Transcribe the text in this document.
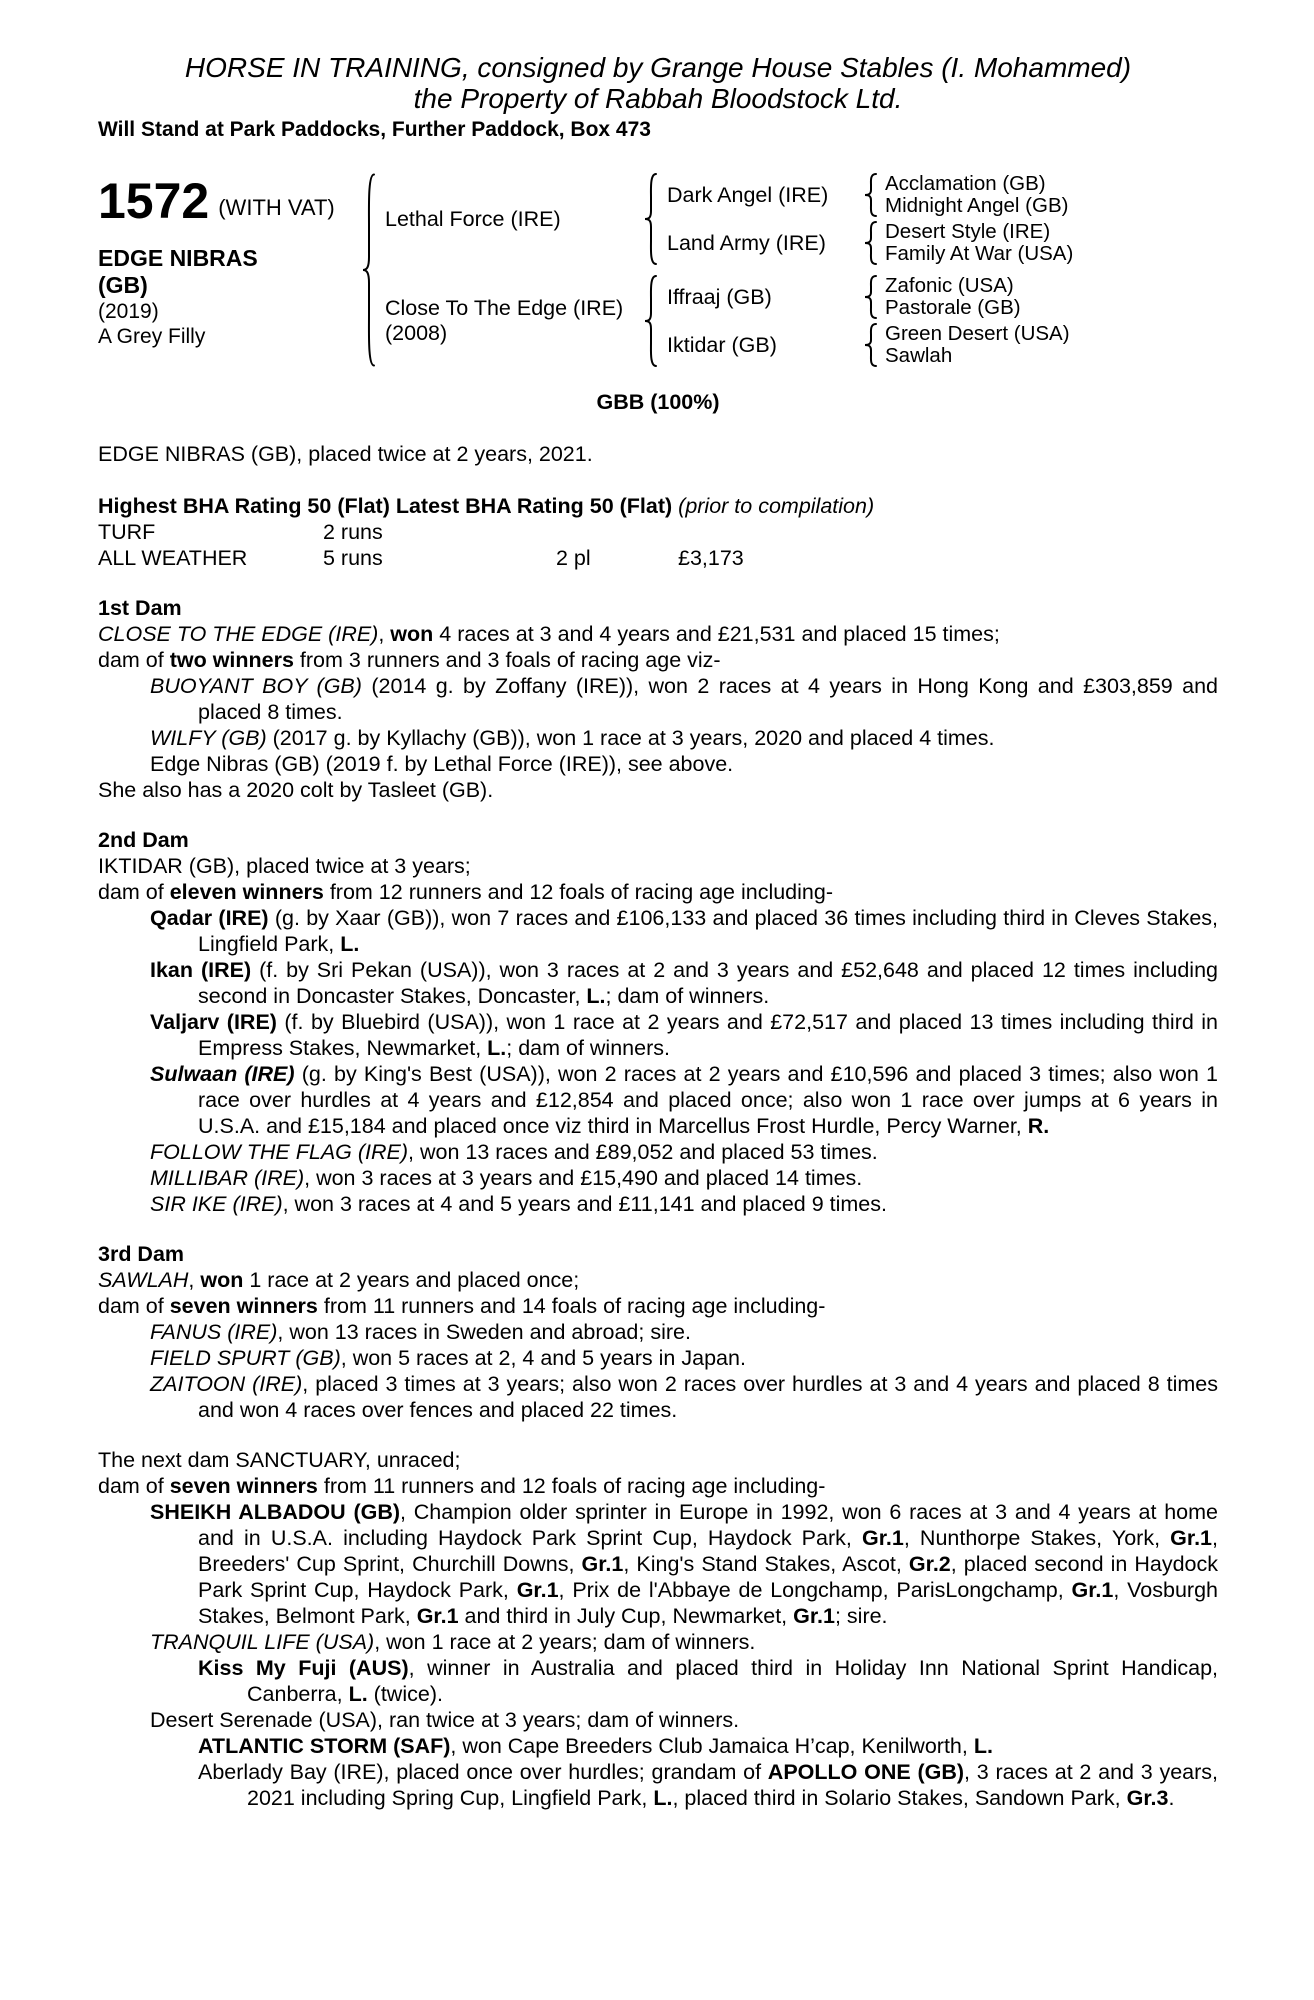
HORSE IN TRAINING, consigned by Grange House Stables (I. Mohammed)
the Property of Rabbah Bloodstock Ltd.
Will Stand at Park Paddocks, Further Paddock, Box 473
1572 (WITH VAT)
EDGE NIBRAS
(GB)
(2019)
A Grey Filly
Lethal Force (IRE)
Dark Angel (IRE)	Acclamation (GB)
Midnight Angel (GB)
Land Army (IRE)	Desert Style (IRE)
Family At War (USA)
Close To The Edge (IRE)
(2008)
Iffraaj (GB)	Zafonic (USA)
Pastorale (GB)
Iktidar (GB)	Green Desert (USA)
Sawlah
GBB (100%)
EDGE NIBRAS (GB), placed twice at 2 years, 2021.
Highest BHA Rating 50 (Flat) Latest BHA Rating 50 (Flat) (prior to compilation)
TURF	2 runs
ALL WEATHER	5 runs	2 pl	£3,173

1st Dam

CLOSE TO THE EDGE (IRE), won 4 races at 3 and 4 years and £21,531 and placed 15 times;

dam of two winners from 3 runners and 3 foals of racing age viz-

BUOYANT BOY (GB) (2014 g. by Zoffany (IRE)), won 2 races at 4 years in Hong Kong and £303,859 and placed 8 times.

WILFY (GB) (2017 g. by Kyllachy (GB)), won 1 race at 3 years, 2020 and placed 4 times.

Edge Nibras (GB) (2019 f. by Lethal Force (IRE)), see above.

She also has a 2020 colt by Tasleet (GB).

2nd Dam

IKTIDAR (GB), placed twice at 3 years;

dam of eleven winners from 12 runners and 12 foals of racing age including-

Qadar (IRE) (g. by Xaar (GB)), won 7 races and £106,133 and placed 36 times including third in Cleves Stakes, Lingfield Park, L.

Ikan (IRE) (f. by Sri Pekan (USA)), won 3 races at 2 and 3 years and £52,648 and placed 12 times including second in Doncaster Stakes, Doncaster, L.; dam of winners.

Valjarv (IRE) (f. by Bluebird (USA)), won 1 race at 2 years and £72,517 and placed 13 times including third in Empress Stakes, Newmarket, L.; dam of winners.

Sulwaan (IRE) (g. by King's Best (USA)), won 2 races at 2 years and £10,596 and placed 3 times; also won 1 race over hurdles at 4 years and £12,854 and placed once; also won 1 race over jumps at 6 years in U.S.A. and £15,184 and placed once viz third in Marcellus Frost Hurdle, Percy Warner, R.

FOLLOW THE FLAG (IRE), won 13 races and £89,052 and placed 53 times.

MILLIBAR (IRE), won 3 races at 3 years and £15,490 and placed 14 times.

SIR IKE (IRE), won 3 races at 4 and 5 years and £11,141 and placed 9 times.

3rd Dam

SAWLAH, won 1 race at 2 years and placed once;

dam of seven winners from 11 runners and 14 foals of racing age including-

FANUS (IRE), won 13 races in Sweden and abroad; sire.

FIELD SPURT (GB), won 5 races at 2, 4 and 5 years in Japan.

ZAITOON (IRE), placed 3 times at 3 years; also won 2 races over hurdles at 3 and 4 years and placed 8 times and won 4 races over fences and placed 22 times.

The next dam SANCTUARY, unraced;

dam of seven winners from 11 runners and 12 foals of racing age including-

SHEIKH ALBADOU (GB), Champion older sprinter in Europe in 1992, won 6 races at 3 and 4 years at home and in U.S.A. including Haydock Park Sprint Cup, Haydock Park, Gr.1, Nunthorpe Stakes, York, Gr.1, Breeders' Cup Sprint, Churchill Downs, Gr.1, King's Stand Stakes, Ascot, Gr.2, placed second in Haydock Park Sprint Cup, Haydock Park, Gr.1, Prix de l'Abbaye de Longchamp, ParisLongchamp, Gr.1, Vosburgh Stakes, Belmont Park, Gr.1 and third in July Cup, Newmarket, Gr.1; sire.

TRANQUIL LIFE (USA), won 1 race at 2 years; dam of winners.

Kiss My Fuji (AUS), winner in Australia and placed third in Holiday Inn National Sprint Handicap, Canberra, L. (twice).

Desert Serenade (USA), ran twice at 3 years; dam of winners.

ATLANTIC STORM (SAF), won Cape Breeders Club Jamaica H’cap, Kenilworth, L.

Aberlady Bay (IRE), placed once over hurdles; grandam of APOLLO ONE (GB), 3 races at 2 and 3 years, 2021 including Spring Cup, Lingfield Park, L., placed third in Solario Stakes, Sandown Park, Gr.3.
